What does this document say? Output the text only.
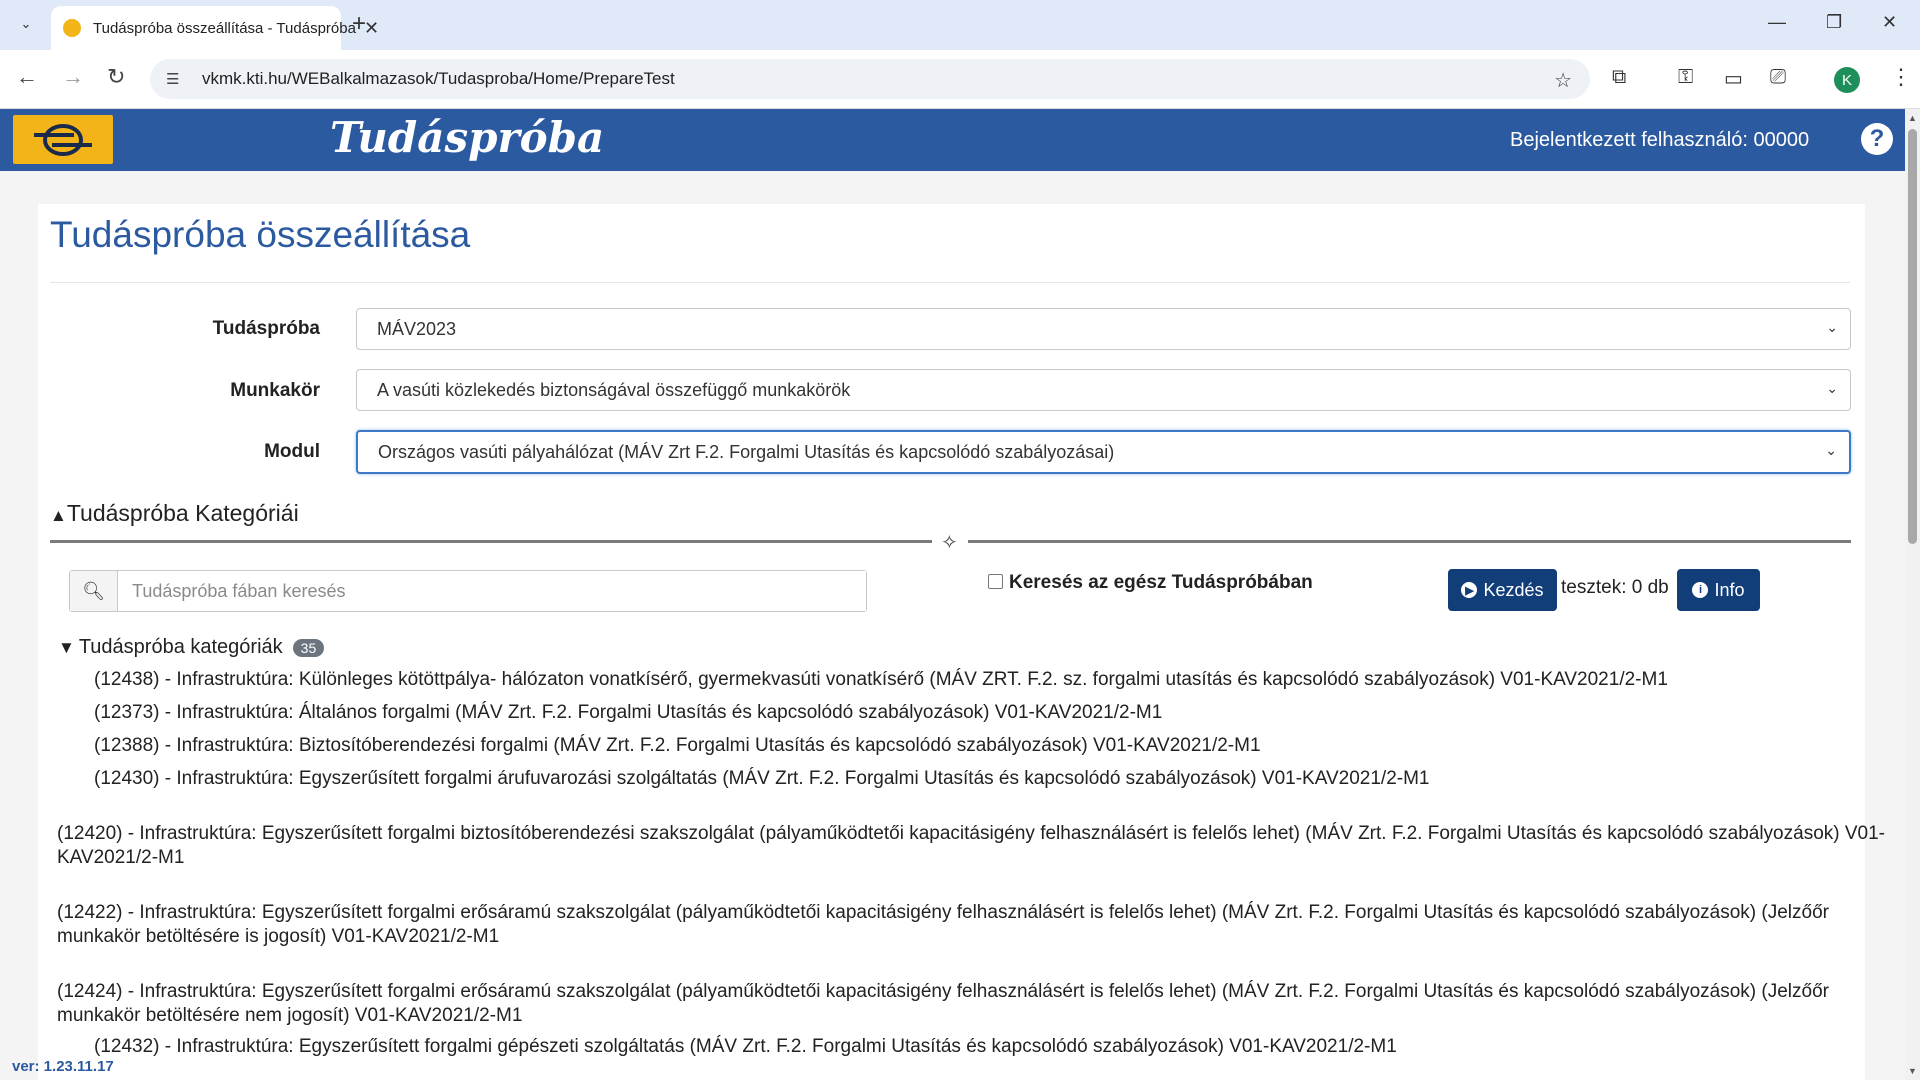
⌄	Tudáspróba összeállítása - Tudáspróba ✕
+	— ❐ ✕
← → ↻	☰ vkmk.kti.hu/WEBalkalmazasok/Tudasproba/Home/PrepareTest	☆ ⧉	⚿ ▭ ⎚	K	⋮
Tudáspróba	Bejelentkezett felhasználó: 00000	?
▲
▼
Tudáspróba összeállítása
Tudáspróba	MÁV2023	⌄
Munkakör	A vasúti közlekedés biztonságával összefüggő munkakörök	⌄
Modul	Országos vasúti pályahálózat (MÁV Zrt F.2. Forgalmi Utasítás és kapcsolódó szabályozásai)	⌄
▲Tudáspróba Kategóriái
✧
🔍︎
Tudáspróba fában keresés	Keresés az egész Tudáspróbában	▶ Kezdés tesztek: 0 db	i Info
▼ Tudáspróba kategóriák	35
(12438) - Infrastruktúra: Különleges kötöttpálya- hálózaton vonatkísérő, gyermekvasúti vonatkísérő (MÁV ZRT. F.2. sz. forgalmi utasítás és kapcsolódó szabályozások) V01-KAV2021/2-M1
(12373) - Infrastruktúra: Általános forgalmi (MÁV Zrt. F.2. Forgalmi Utasítás és kapcsolódó szabályozások) V01-KAV2021/2-M1
(12388) - Infrastruktúra: Biztosítóberendezési forgalmi (MÁV Zrt. F.2. Forgalmi Utasítás és kapcsolódó szabályozások) V01-KAV2021/2-M1
(12430) - Infrastruktúra: Egyszerűsített forgalmi árufuvarozási szolgáltatás (MÁV Zrt. F.2. Forgalmi Utasítás és kapcsolódó szabályozások) V01-KAV2021/2-M1
(12420) - Infrastruktúra: Egyszerűsített forgalmi biztosítóberendezési szakszolgálat (pályaműködtetői kapacitásigény felhasználásért is felelős lehet) (MÁV Zrt. F.2. Forgalmi Utasítás és kapcsolódó szabályozások) V01-KAV2021/2-M1
(12422) - Infrastruktúra: Egyszerűsített forgalmi erősáramú szakszolgálat (pályaműködtetői kapacitásigény felhasználásért is felelős lehet) (MÁV Zrt. F.2. Forgalmi Utasítás és kapcsolódó szabályozások) (Jelzőőr munkakör betöltésére is jogosít) V01-KAV2021/2-M1
(12424) - Infrastruktúra: Egyszerűsített forgalmi erősáramú szakszolgálat (pályaműködtetői kapacitásigény felhasználásért is felelős lehet) (MÁV Zrt. F.2. Forgalmi Utasítás és kapcsolódó szabályozások) (Jelzőőr munkakör betöltésére nem jogosít) V01-KAV2021/2-M1
(12432) - Infrastruktúra: Egyszerűsített forgalmi gépészeti szolgáltatás (MÁV Zrt. F.2. Forgalmi Utasítás és kapcsolódó szabályozások) V01-KAV2021/2-M1
ver: 1.23.11.17
